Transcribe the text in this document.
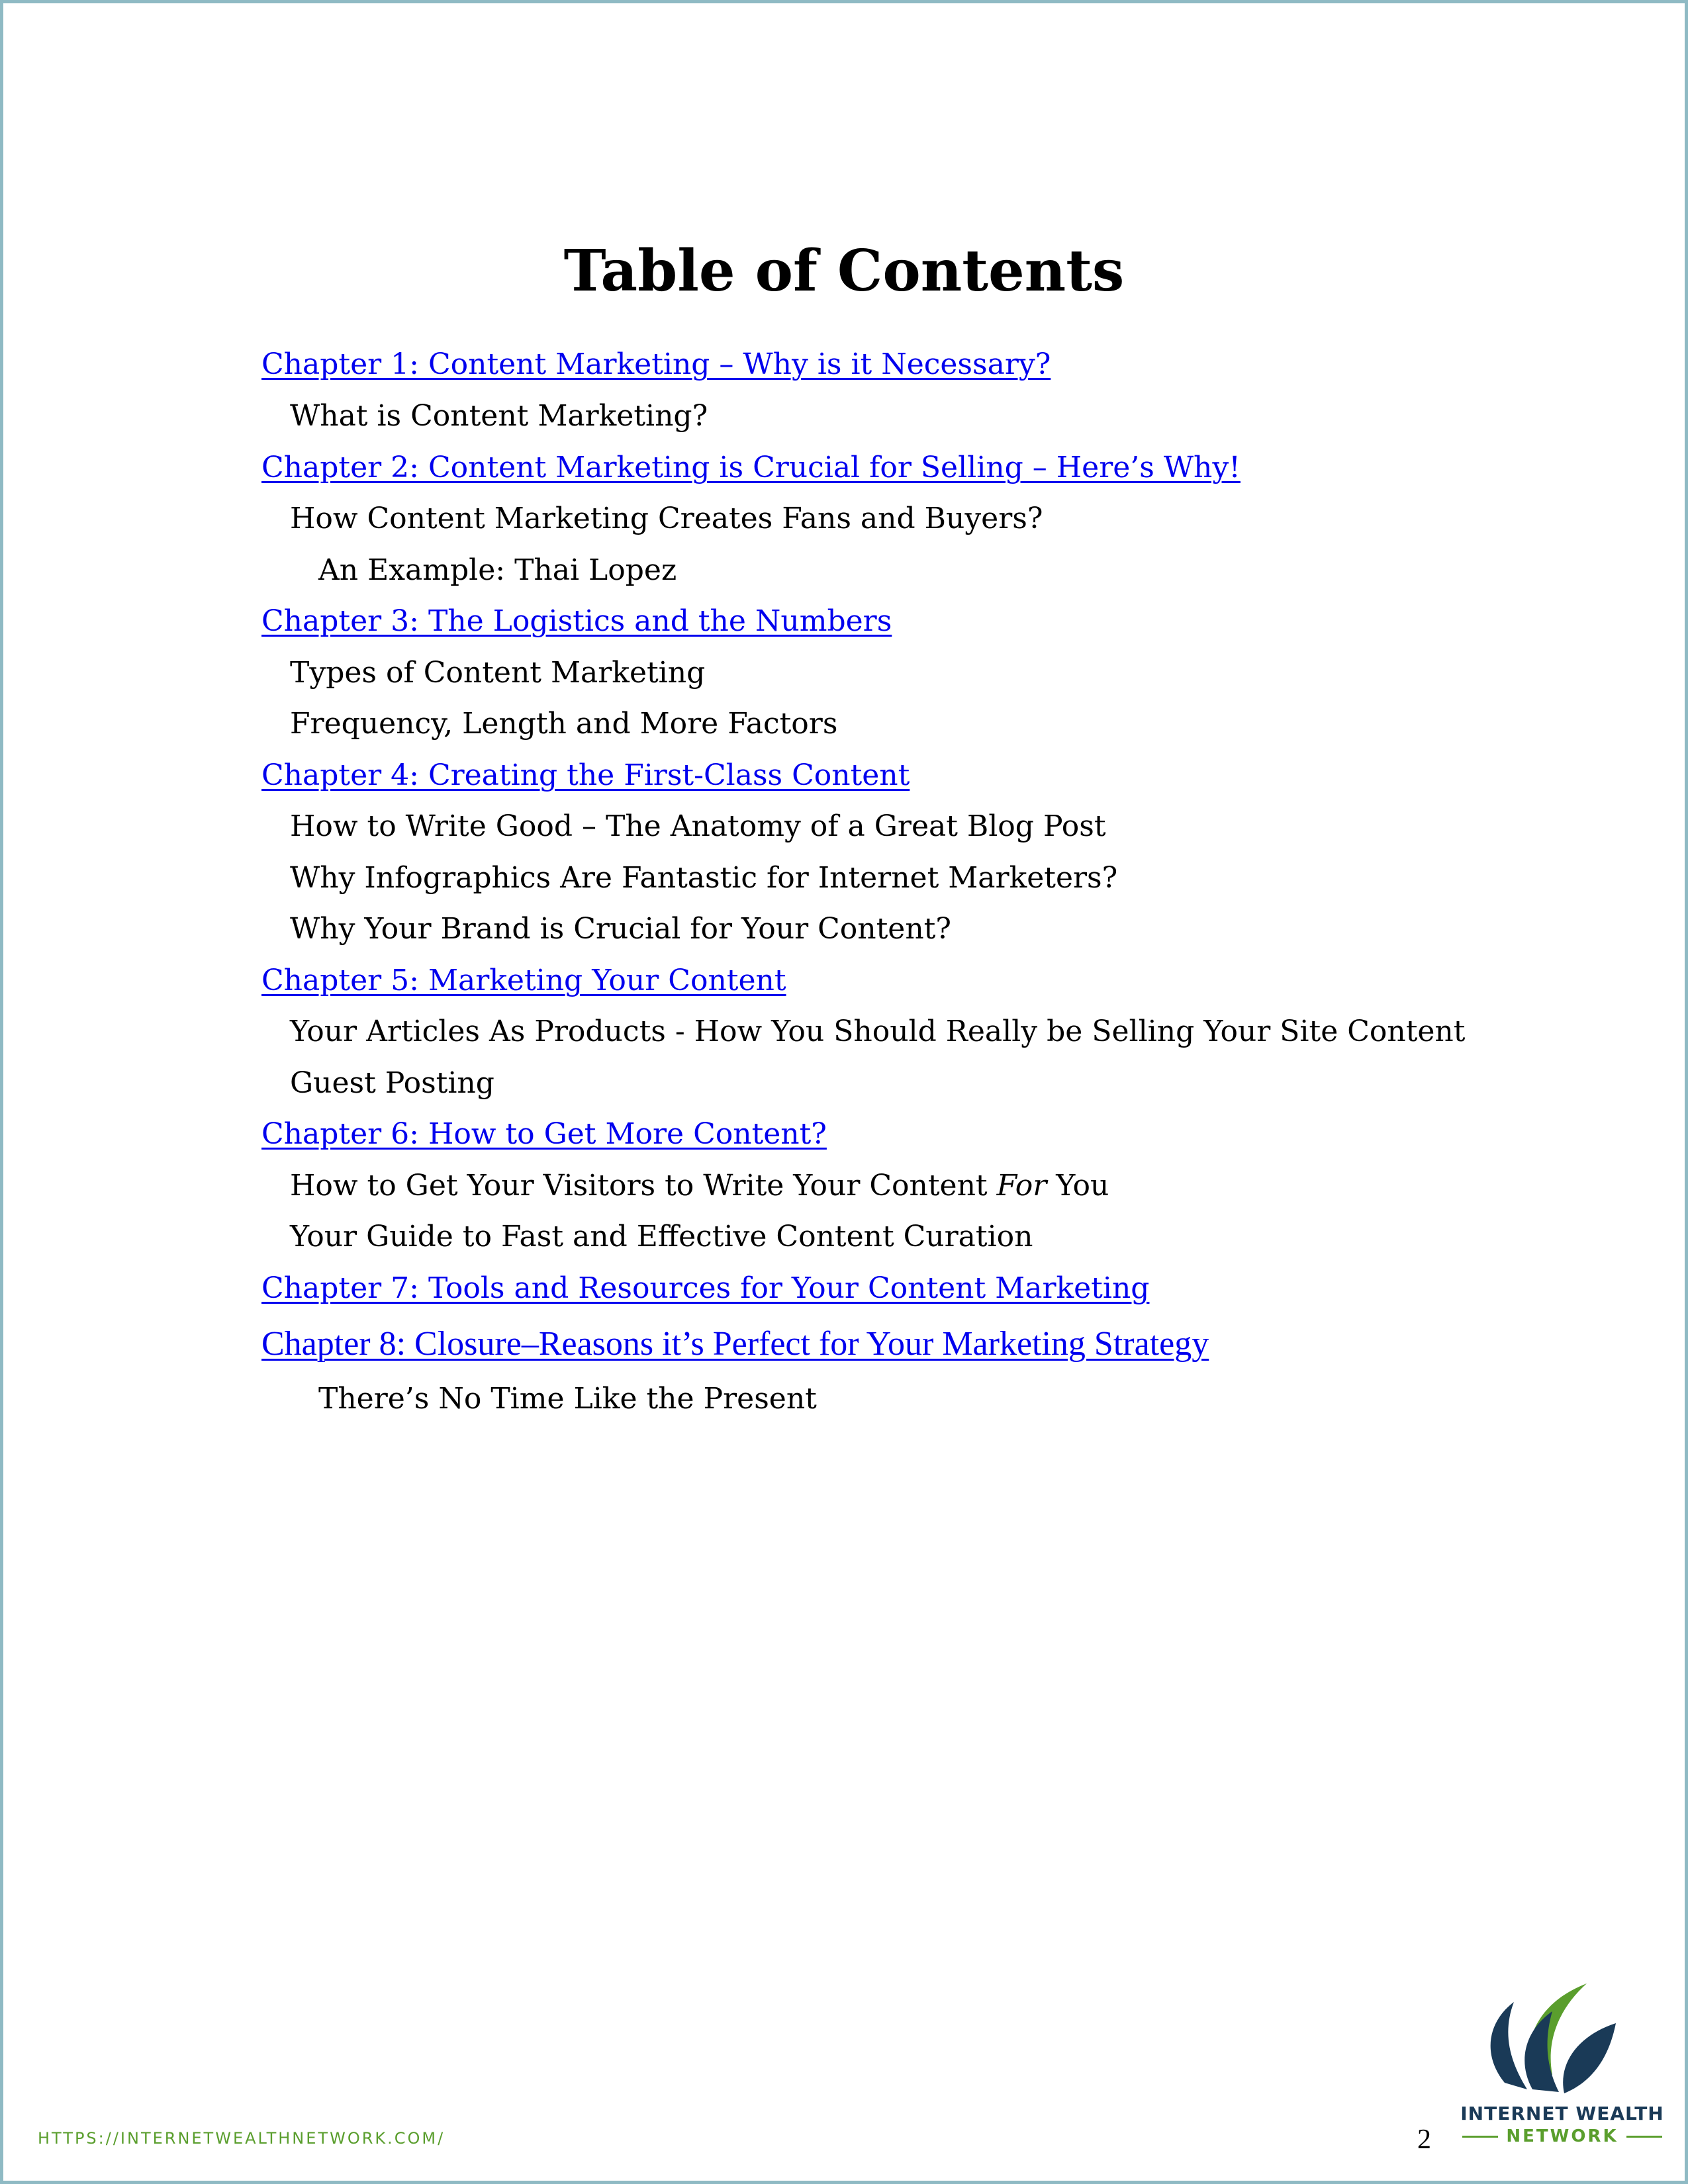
Table of Contents
Chapter 1: Content Marketing – Why is it Necessary?
What is Content Marketing?
Chapter 2: Content Marketing is Crucial for Selling – Here’s Why!
How Content Marketing Creates Fans and Buyers?
An Example: Thai Lopez
Chapter 3: The Logistics and the Numbers
Types of Content Marketing
Frequency, Length and More Factors
Chapter 4: Creating the First-Class Content
How to Write Good – The Anatomy of a Great Blog Post
Why Infographics Are Fantastic for Internet Marketers?
Why Your Brand is Crucial for Your Content?
Chapter 5: Marketing Your Content
Your Articles As Products - How You Should Really be Selling Your Site Content
Guest Posting
Chapter 6: How to Get More Content?
How to Get Your Visitors to Write Your Content For You
Your Guide to Fast and Effective Content Curation
Chapter 7: Tools and Resources for Your Content Marketing
Chapter 8: Closure–Reasons it’s Perfect for Your Marketing Strategy
There’s No Time Like the Present
HTTPS://INTERNETWEALTHNETWORK.COM/	2
INTERNET WEALTH
NETWORK
